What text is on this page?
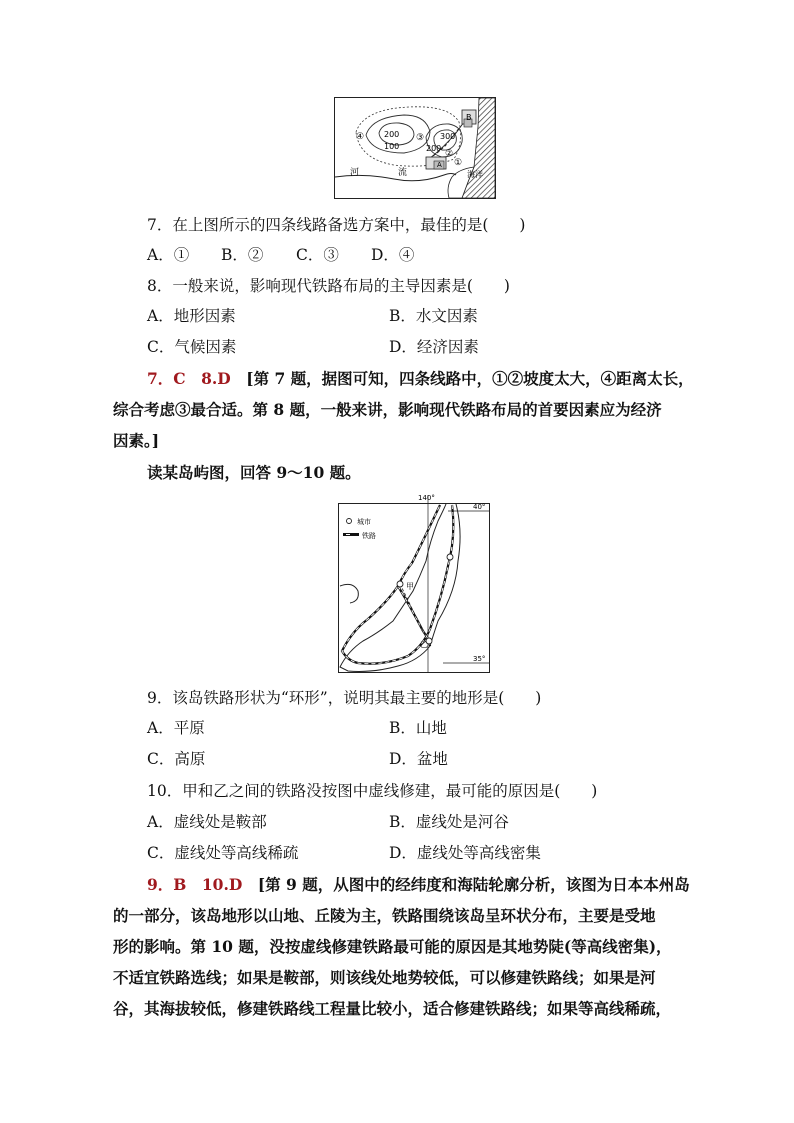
B
A
200
100	200
300
①
②
③
④
河	流	海洋
7．在上图所示的四条线路备选方案中，最佳的是(　　)
A．① B．② C．③ D．④
8．一般来说，影响现代铁路布局的主导因素是(　　)
A．地形因素	B．水文因素
C．气候因素	D．经济因素
7．C　8.D　 [第 7 题，据图可知，四条线路中，①②坡度太大，④距离太长，
综合考虑③最合适。第 8 题，一般来讲，影响现代铁路布局的首要因素应为经济
因素。]
读某岛屿图，回答 9～10 题。
140°
40°
35°
甲
乙
城市
铁路
9．该岛铁路形状为“环形”，说明其最主要的地形是(　　)
A．平原	B．山地
C．高原	D．盆地
10．甲和乙之间的铁路没按图中虚线修建，最可能的原因是(　　)
A．虚线处是鞍部	B．虚线处是河谷
C．虚线处等高线稀疏	D．虚线处等高线密集
9．B　10.D　 [第 9 题，从图中的经纬度和海陆轮廓分析，该图为日本本州岛
的一部分，该岛地形以山地、丘陵为主，铁路围绕该岛呈环状分布，主要是受地
形的影响。第 10 题，没按虚线修建铁路最可能的原因是其地势陡(等高线密集)，
不适宜铁路选线；如果是鞍部，则该线处地势较低，可以修建铁路线；如果是河
谷，其海拔较低，修建铁路线工程量比较小，适合修建铁路线；如果等高线稀疏，
